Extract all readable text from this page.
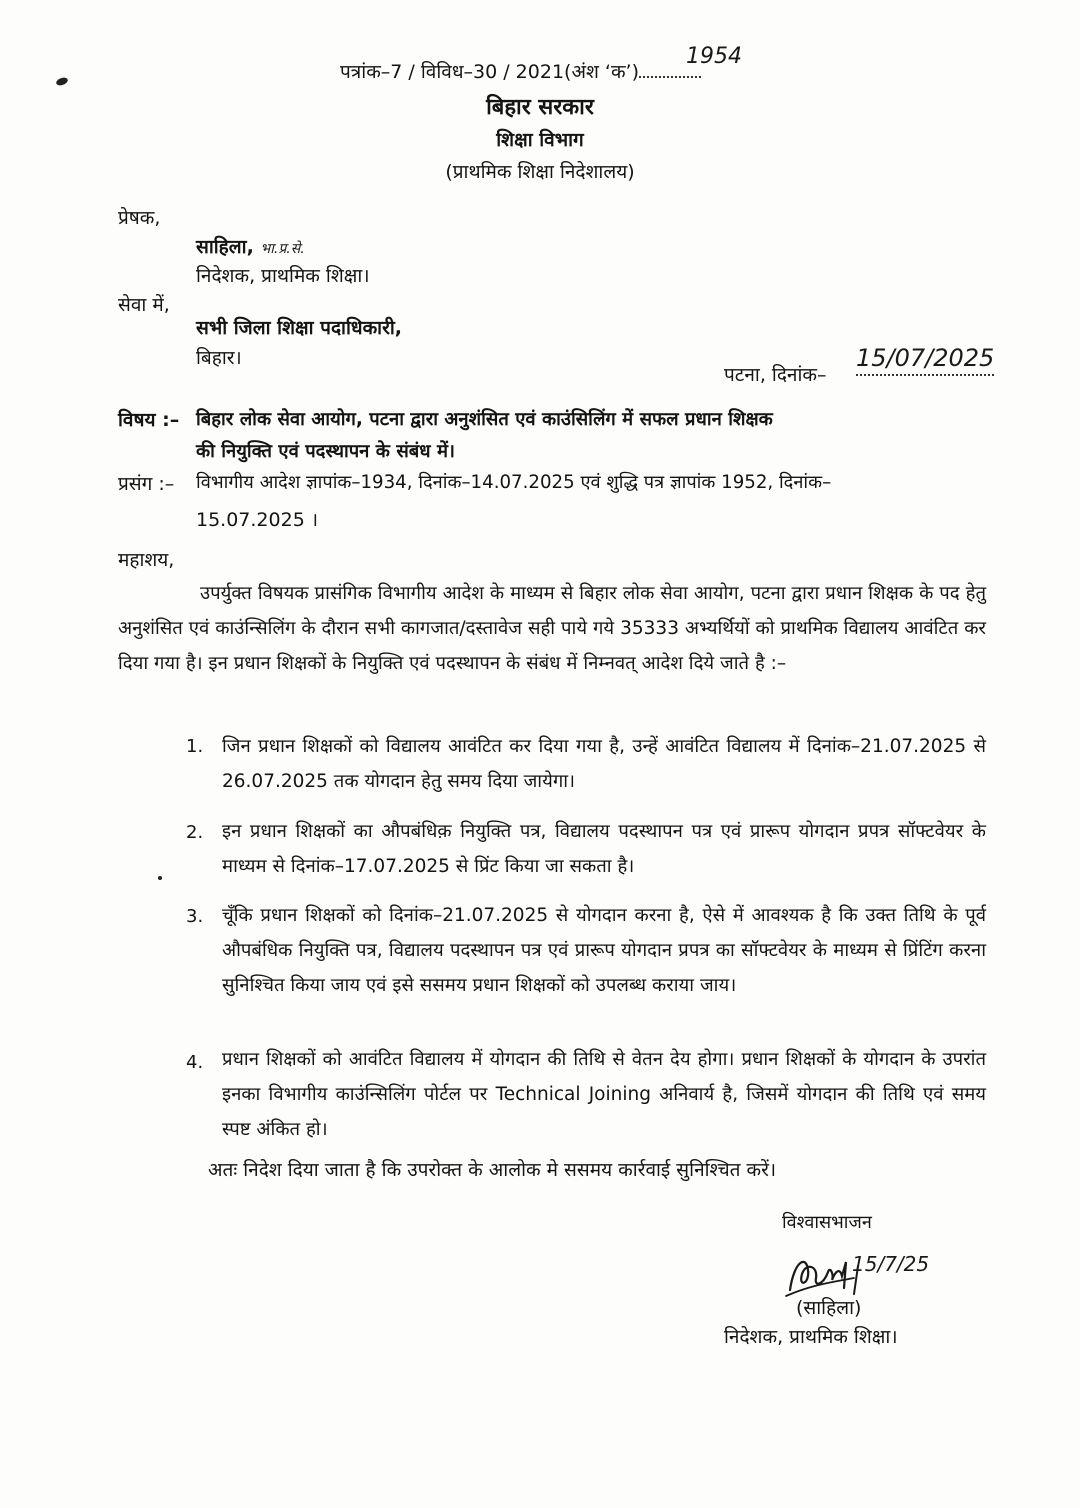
पत्रांक–7 / विविध–30 / 2021(अंश ‘क’)
1954
बिहार सरकार
शिक्षा विभाग
(प्राथमिक शिक्षा निदेशालय)
प्रेषक,
साहिला, भा.प्र.से.
निदेशक, प्राथमिक शिक्षा।
सेवा में,
सभी जिला शिक्षा पदाधिकारी,
बिहार।
पटना, दिनांक–
15/07/2025
विषय :– बिहार लोक सेवा आयोग, पटना द्वारा अनुशंसित एवं काउंसिलिंग में सफल प्रधान शिक्षक
की नियुक्ति एवं पदस्थापन के संबंध में।
प्रसंग :– विभागीय आदेश ज्ञापांक–1934, दिनांक–14.07.2025 एवं शुद्धि पत्र ज्ञापांक 1952, दिनांक–
15.07.2025 ।
महाशय,
उपर्युक्त विषयक प्रासंगिक विभागीय आदेश के माध्यम से बिहार लोक सेवा आयोग, पटना द्वारा प्रधान शिक्षक के पद हेतु अनुशंसित एवं काउंन्सिलिंग के दौरान सभी कागजात/दस्तावेज सही पाये गये 35333 अभ्यर्थियों को प्राथमिक विद्यालय आवंटित कर दिया गया है। इन प्रधान शिक्षकों के नियुक्ति एवं पदस्थापन के संबंध में निम्नवत् आदेश दिये जाते है :–
1. जिन प्रधान शिक्षकों को विद्यालय आवंटित कर दिया गया है, उन्हें आवंटित विद्यालय में दिनांक–21.07.2025 से 26.07.2025 तक योगदान हेतु समय दिया जायेगा।
2. इन प्रधान शिक्षकों का औपबंधिक़ नियुक्ति पत्र, विद्यालय पदस्थापन पत्र एवं प्रारूप योगदान प्रपत्र सॉफ्टवेयर के माध्यम से दिनांक–17.07.2025 से प्रिंट किया जा सकता है।
3. चूँकि प्रधान शिक्षकों को दिनांक–21.07.2025 से योगदान करना है, ऐसे में आवश्यक है कि उक्त तिथि के पूर्व औपबंधिक नियुक्ति पत्र, विद्यालय पदस्थापन पत्र एवं प्रारूप योगदान प्रपत्र का सॉफ्टवेयर के माध्यम से प्रिंटिंग करना सुनिश्चित किया जाय एवं इसे ससमय प्रधान शिक्षकों को उपलब्ध कराया जाय।
4. प्रधान शिक्षकों को आवंटित विद्यालय में योगदान की तिथि से वेतन देय होगा। प्रधान शिक्षकों के योगदान के उपरांत इनका विभागीय काउंन्सिलिंग पोर्टल पर Technical Joining अनिवार्य है, जिसमें योगदान की तिथि एवं समय स्पष्ट अंकित हो।
अतः निदेश दिया जाता है कि उपरोक्त के आलोक मे ससमय कार्रवाई सुनिश्चित करें।
विश्वासभाजन
15/7/25
(साहिला)
निदेशक, प्राथमिक शिक्षा।
